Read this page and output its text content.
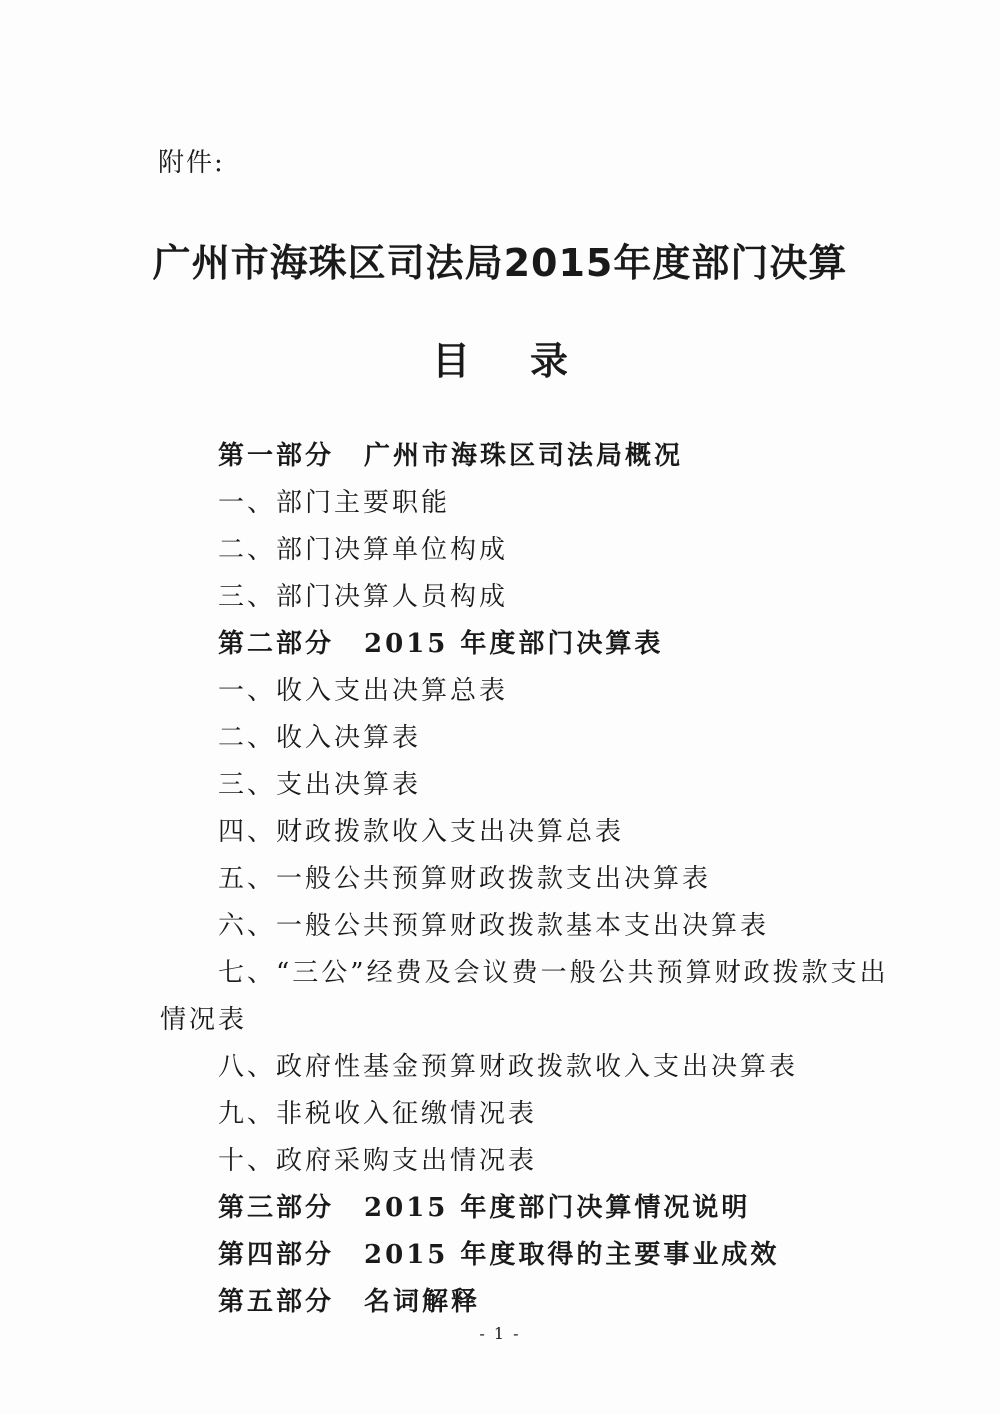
附件:
广州市海珠区司法局2015年度部门决算
目录
第一部分 广州市海珠区司法局概况
一、部门主要职能
二、部门决算单位构成
三、部门决算人员构成
第二部分 2015 年度部门决算表
一、收入支出决算总表
二、收入决算表
三、支出决算表
四、财政拨款收入支出决算总表
五、一般公共预算财政拨款支出决算表
六、一般公共预算财政拨款基本支出决算表
七、“三公”经费及会议费一般公共预算财政拨款支出
情况表
八、政府性基金预算财政拨款收入支出决算表
九、非税收入征缴情况表
十、政府采购支出情况表
第三部分 2015 年度部门决算情况说明
第四部分 2015 年度取得的主要事业成效
第五部分 名词解释
- 1 -
